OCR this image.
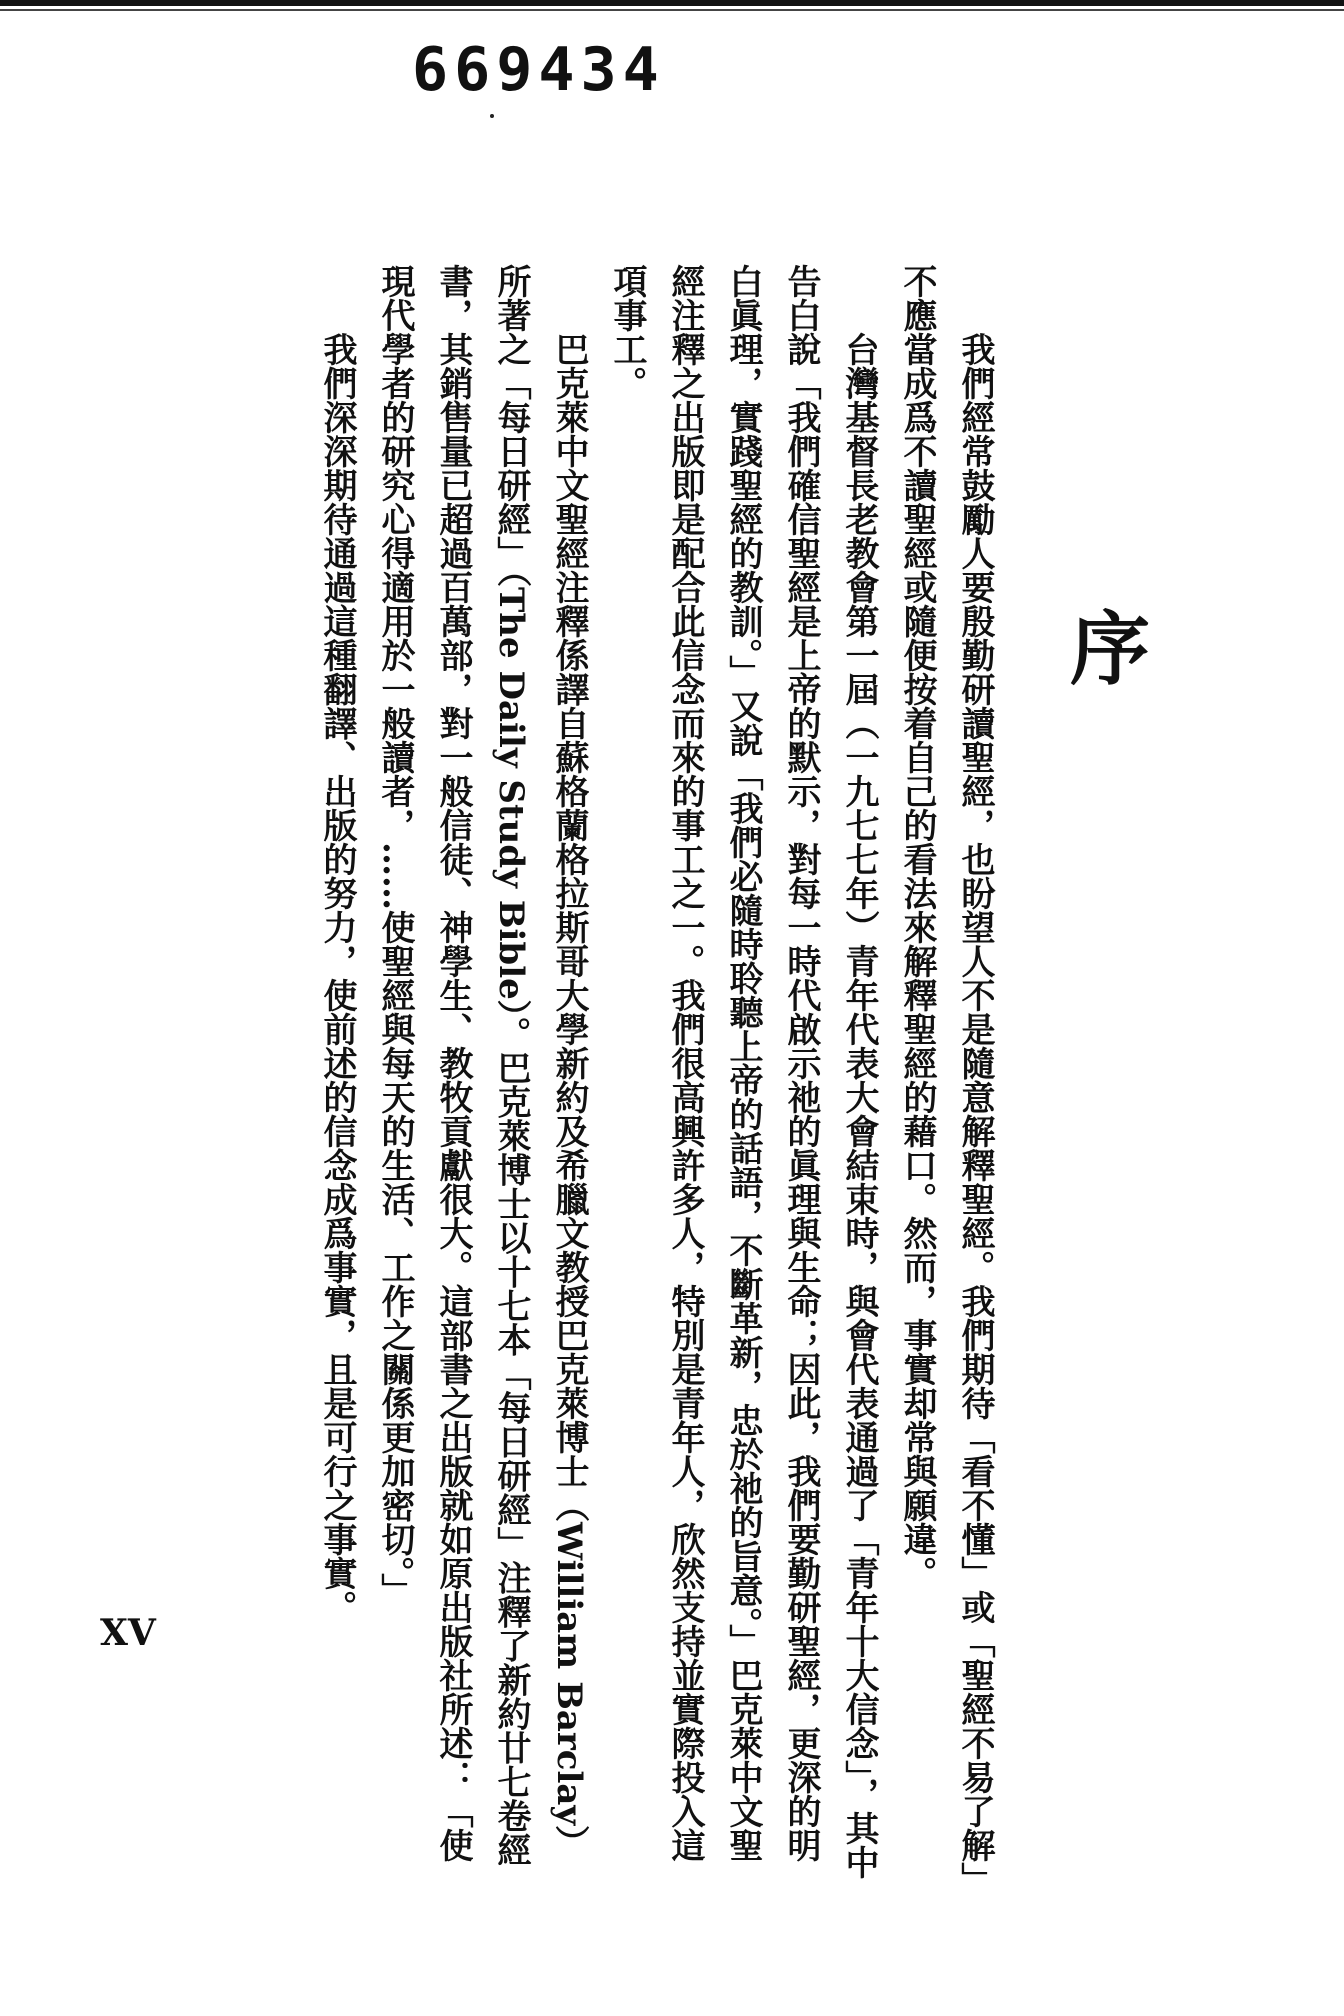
669434
序

我們經常鼓勵人要殷勤研讀聖經，也盼望人不是隨意解釋聖經。我們期待「看不懂」或「聖經不易了解」不應當成爲不讀聖經或隨便按着自己的看法來解釋聖經的藉口。然而，事實却常與願違。

台灣基督長老教會第一屆（一九七七年）青年代表大會結束時，與會代表通過了「青年十大信念」，其中告白說「我們確信聖經是上帝的默示，對每一時代啟示祂的眞理與生命；因此，我們要勤研聖經，更深的明白眞理，實踐聖經的教訓。」又說「我們必隨時聆聽上帝的話語，不斷革新，忠於祂的旨意。」巴克萊中文聖經注釋之出版即是配合此信念而來的事工之一。我們很高興許多人，特別是青年人，欣然支持並實際投入這項事工。

巴克萊中文聖經注釋係譯自蘇格蘭格拉斯哥大學新約及希臘文教授巴克萊博士（William Barclay）所著之「每日研經」（The Daily Study Bible）。巴克萊博士以十七本「每日研經」注釋了新約廿七卷經書，其銷售量已超過百萬部，對一般信徒、神學生、教牧貢獻很大。這部書之出版就如原出版社所述：「使現代學者的研究心得適用於一般讀者，……使聖經與每天的生活、工作之關係更加密切。」

我們深深期待通過這種翻譯、出版的努力，使前述的信念成爲事實，且是可行之事實。

XV
